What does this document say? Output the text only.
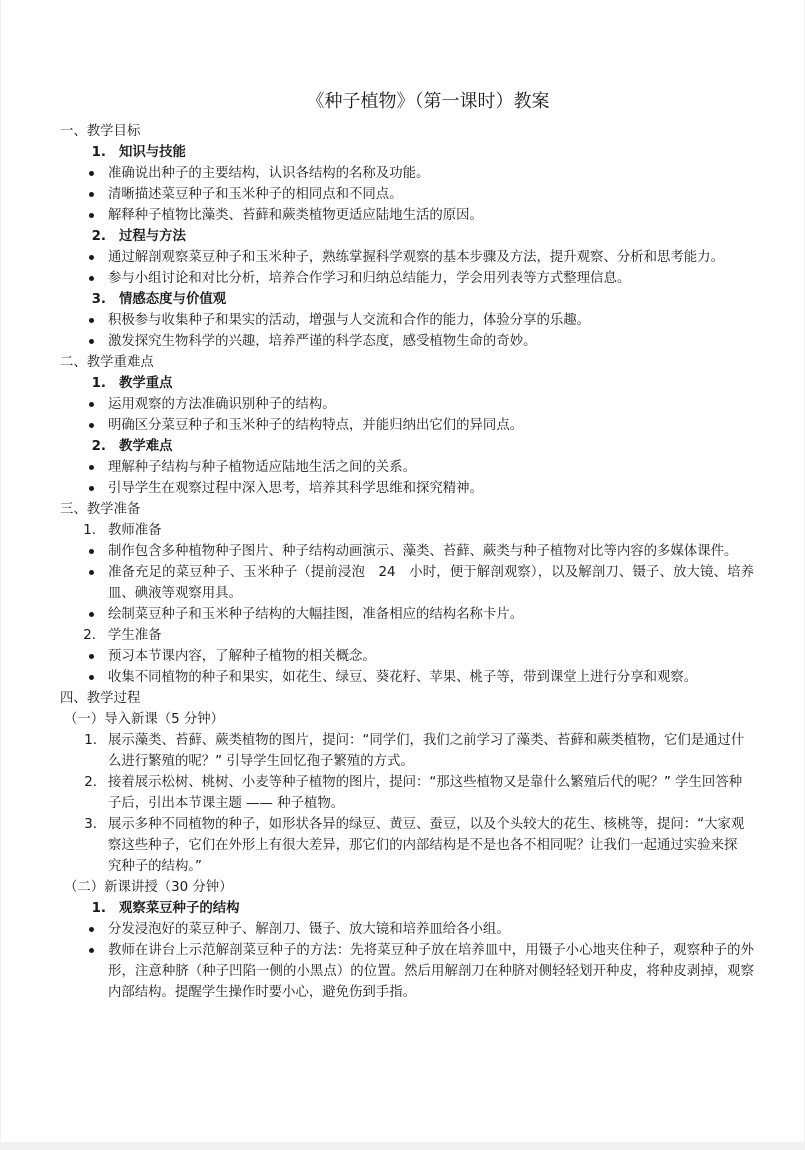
《种子植物》（第一课时）教案
一、教学目标
1. 知识与技能
准确说出种子的主要结构，认识各结构的名称及功能。
清晰描述菜豆种子和玉米种子的相同点和不同点。
解释种子植物比藻类、苔藓和蕨类植物更适应陆地生活的原因。
2. 过程与方法
通过解剖观察菜豆种子和玉米种子，熟练掌握科学观察的基本步骤及方法，提升观察、分析和思考能力。
参与小组讨论和对比分析，培养合作学习和归纳总结能力，学会用列表等方式整理信息。
3. 情感态度与价值观
积极参与收集种子和果实的活动，增强与人交流和合作的能力，体验分享的乐趣。
激发探究生物科学的兴趣，培养严谨的科学态度，感受植物生命的奇妙。
二、教学重难点
1. 教学重点
运用观察的方法准确识别种子的结构。
明确区分菜豆种子和玉米种子的结构特点，并能归纳出它们的异同点。
2. 教学难点
理解种子结构与种子植物适应陆地生活之间的关系。
引导学生在观察过程中深入思考，培养其科学思维和探究精神。
三、教学准备
1. 教师准备
制作包含多种植物种子图片、种子结构动画演示、藻类、苔藓、蕨类与种子植物对比等内容的多媒体课件。
准备充足的菜豆种子、玉米种子（提前浸泡　24　小时，便于解剖观察），以及解剖刀、镊子、放大镜、培养皿、碘液等观察用具。
绘制菜豆种子和玉米种子结构的大幅挂图，准备相应的结构名称卡片。
2. 学生准备
预习本节课内容，了解种子植物的相关概念。
收集不同植物的种子和果实，如花生、绿豆、葵花籽、苹果、桃子等，带到课堂上进行分享和观察。
四、教学过程
（一）导入新课（5 分钟）
1. 展示藻类、苔藓、蕨类植物的图片，提问：“同学们，我们之前学习了藻类、苔藓和蕨类植物，它们是通过什么进行繁殖的呢？” 引导学生回忆孢子繁殖的方式。
2. 接着展示松树、桃树、小麦等种子植物的图片，提问：“那这些植物又是靠什么繁殖后代的呢？” 学生回答种子后，引出本节课主题 —— 种子植物。
3. 展示多种不同植物的种子，如形状各异的绿豆、黄豆、蚕豆，以及个头较大的花生、核桃等，提问：“大家观察这些种子，它们在外形上有很大差异，那它们的内部结构是不是也各不相同呢？让我们一起通过实验来探究种子的结构。”
（二）新课讲授（30 分钟）
1. 观察菜豆种子的结构
分发浸泡好的菜豆种子、解剖刀、镊子、放大镜和培养皿给各小组。
教师在讲台上示范解剖菜豆种子的方法：先将菜豆种子放在培养皿中，用镊子小心地夹住种子，观察种子的外形，注意种脐（种子凹陷一侧的小黑点）的位置。然后用解剖刀在种脐对侧轻轻划开种皮，将种皮剥掉，观察内部结构。提醒学生操作时要小心，避免伤到手指。
